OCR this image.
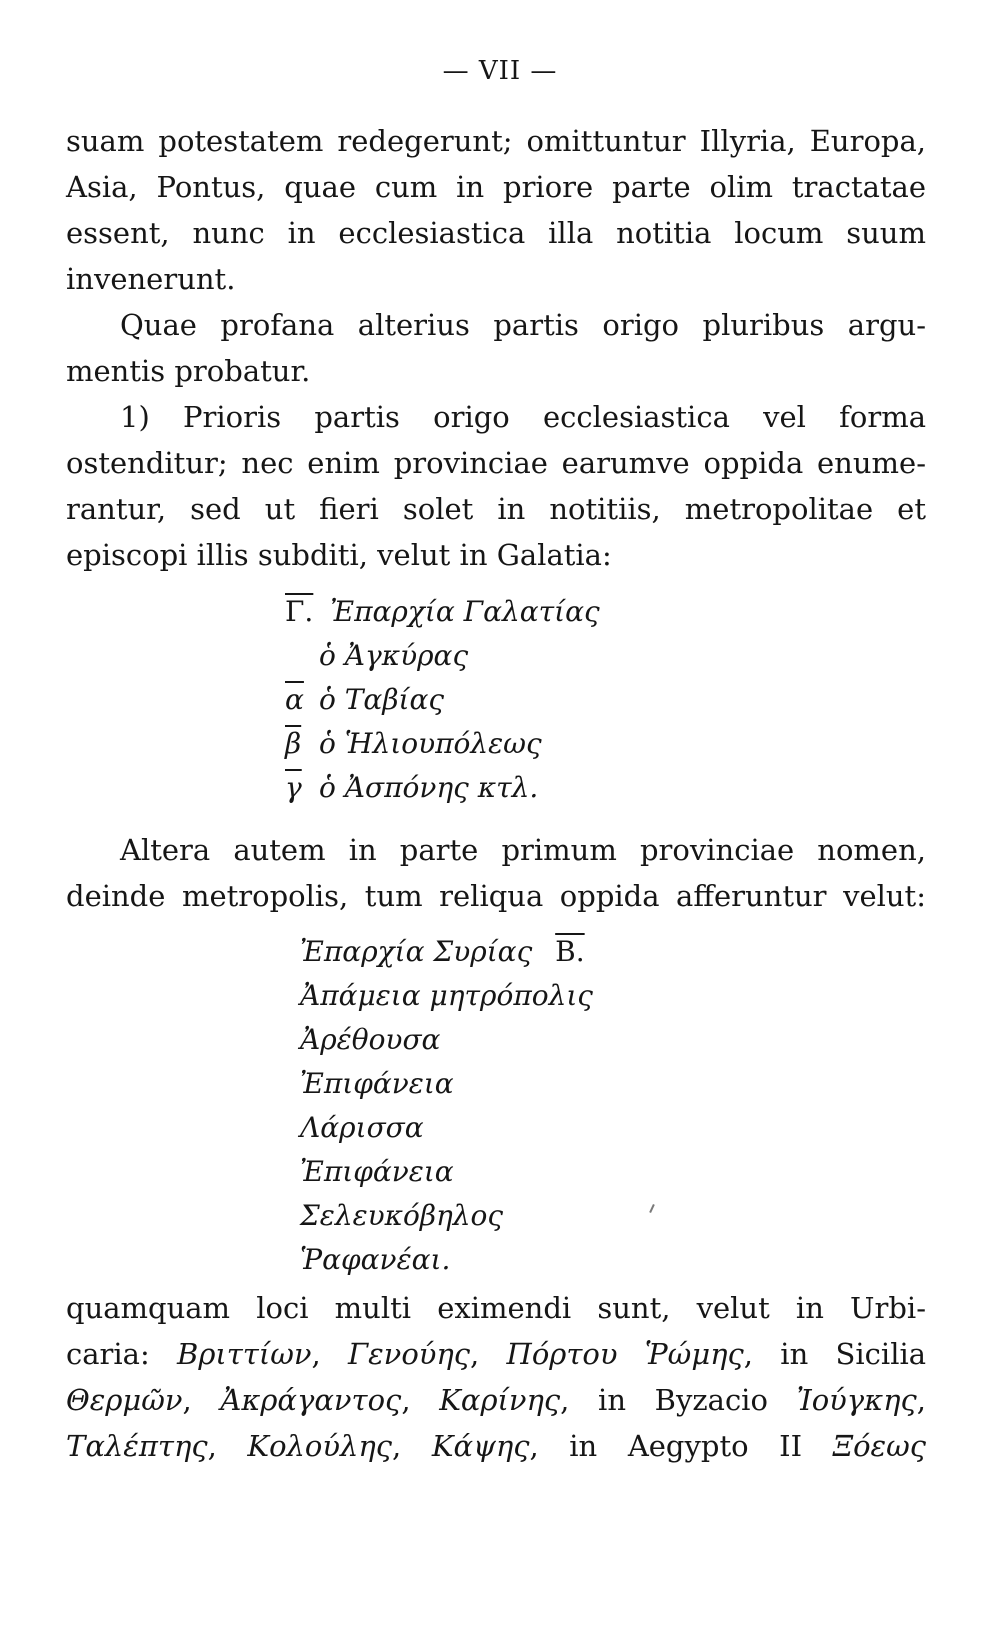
— VII —

suam potestatem redegerunt; omittuntur Illyria, Europa,

Asia, Pontus, quae cum in priore parte olim tractatae

essent, nunc in ecclesiastica illa notitia locum suum

invenerunt.

Quae profana alterius partis origo pluribus argu-

mentis probatur.

1) Prioris partis origo ecclesiastica vel forma

ostenditur; nec enim provinciae earumve oppida enume-

rantur, sed ut fieri solet in notitiis, metropolitae et

episcopi illis subditi, velut in Galatia:

Γ. Ἐπαρχία Γαλατίας
ὁ Ἀγκύρας
$\overline{\alpha}$ ὁ Ταβίας
$\overline{\beta}$ ὁ Ἡλιουπόλεως
$\overline{\gamma}$ ὁ Ἀσπόνης κτλ.

Altera autem in parte primum provinciae nomen,

deinde metropolis, tum reliqua oppida afferuntur velut:

Ἐπαρχία Συρίας Β.
Ἀπάμεια μητρόπολις
Ἀρέθουσα
Ἐπιφάνεια
Λάρισσα
Ἐπιφάνεια
Σελευκόβηλος
Ῥαφανέαι.

quamquam loci multi eximendi sunt, velut in Urbi-

caria: Βριττίων, Γενούης, Πόρτου Ῥώμης, in Sicilia

Θερμῶν, Ἀκράγαντος, Καρίνης, in Byzacio Ἰούγκης,

Ταλέπτης, Κολούλης, Κάψης, in Aegypto II Ξόεως
